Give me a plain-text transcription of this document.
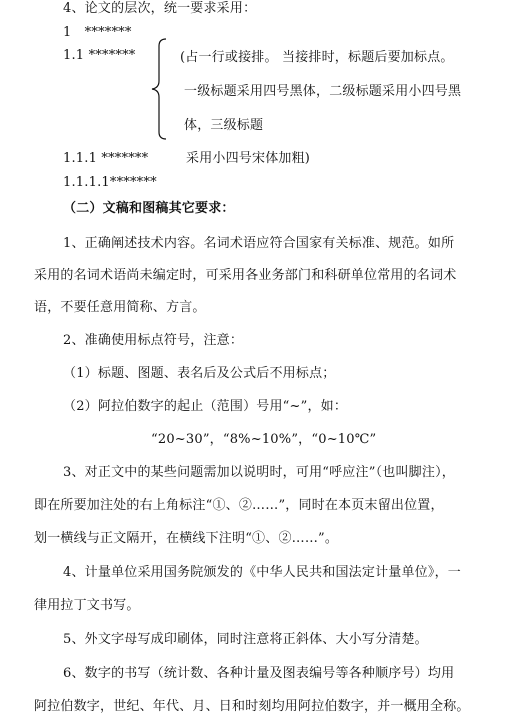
4、论文的层次，统一要求采用：
1　*******
1.1 *******	(占一行或接排。 当接排时，标题后要加标点。
一级标题采用四号黑体，二级标题采用小四号黑
体，三级标题
1.1.1 *******	采用小四号宋体加粗)
1.1.1.1*******
（二）文稿和图稿其它要求：
1、正确阐述技术内容。名词术语应符合国家有关标准、规范。如所
采用的名词术语尚未编定时，可采用各业务部门和科研单位常用的名词术
语，不要任意用简称、方言。
2、准确使用标点符号，注意：
（1）标题、图题、表名后及公式后不用标点；
（2）阿拉伯数字的起止（范围）号用“~”，如：
“20~30”，“8%~10%”，“0~10℃”
3、对正文中的某些问题需加以说明时，可用“呼应注”（也叫脚注），
即在所要加注处的右上角标注“①、②……”，同时在本页末留出位置，
划一横线与正文隔开，在横线下注明“①、②……”。
4、计量单位采用国务院颁发的《中华人民共和国法定计量单位》，一
律用拉丁文书写。
5、外文字母写成印刷体，同时注意将正斜体、大小写分清楚。
6、数字的书写（统计数、各种计量及图表编号等各种顺序号）均用
阿拉伯数字，世纪、年代、月、日和时刻均用阿拉伯数字，并一概用全称。
